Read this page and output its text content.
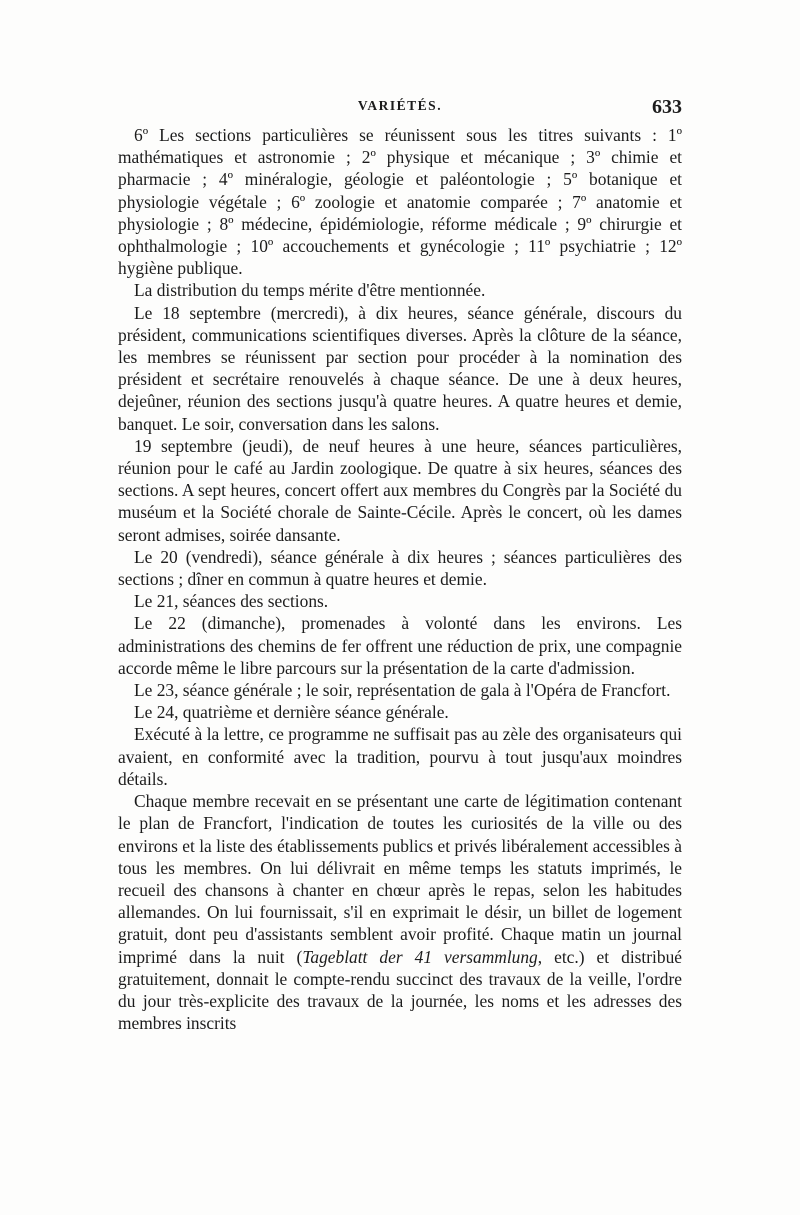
VARIÉTÉS.	633

6º Les sections particulières se réunissent sous les titres suivants : 1º mathématiques et astronomie ; 2º physique et mécanique ; 3º chimie et pharmacie ; 4º minéralogie, géologie et paléontologie ; 5º botanique et physiologie végétale ; 6º zoologie et anatomie comparée ; 7º anatomie et physiologie ; 8º médecine, épidémiologie, réforme médicale ; 9º chirurgie et ophthalmologie ; 10º accouchements et gynécologie ; 11º psychiatrie ; 12º hygiène publique.

La distribution du temps mérite d'être mentionnée.

Le 18 septembre (mercredi), à dix heures, séance générale, discours du président, communications scientifiques diverses. Après la clôture de la séance, les membres se réunissent par section pour procéder à la nomination des président et secrétaire renouvelés à chaque séance. De une à deux heures, dejeûner, réunion des sections jusqu'à quatre heures. A quatre heures et demie, banquet. Le soir, conversation dans les salons.

19 septembre (jeudi), de neuf heures à une heure, séances particulières, réunion pour le café au Jardin zoologique. De quatre à six heures, séances des sections. A sept heures, concert offert aux membres du Congrès par la Société du muséum et la Société chorale de Sainte-Cécile. Après le concert, où les dames seront admises, soirée dansante.

Le 20 (vendredi), séance générale à dix heures ; séances particulières des sections ; dîner en commun à quatre heures et demie.

Le 21, séances des sections.

Le 22 (dimanche), promenades à volonté dans les environs. Les administrations des chemins de fer offrent une réduction de prix, une compagnie accorde même le libre parcours sur la présentation de la carte d'admission.

Le 23, séance générale ; le soir, représentation de gala à l'Opéra de Francfort.

Le 24, quatrième et dernière séance générale.

Exécuté à la lettre, ce programme ne suffisait pas au zèle des organisateurs qui avaient, en conformité avec la tradition, pourvu à tout jusqu'aux moindres détails.

Chaque membre recevait en se présentant une carte de légitimation contenant le plan de Francfort, l'indication de toutes les curiosités de la ville ou des environs et la liste des établissements publics et privés libéralement accessibles à tous les membres. On lui délivrait en même temps les statuts imprimés, le recueil des chansons à chanter en chœur après le repas, selon les habitudes allemandes. On lui fournissait, s'il en exprimait le désir, un billet de logement gratuit, dont peu d'assistants semblent avoir profité. Chaque matin un journal imprimé dans la nuit (Tageblatt der 41 versammlung, etc.) et distribué gratuitement, donnait le compte-rendu succinct des travaux de la veille, l'ordre du jour très-explicite des travaux de la journée, les noms et les adresses des membres inscrits
